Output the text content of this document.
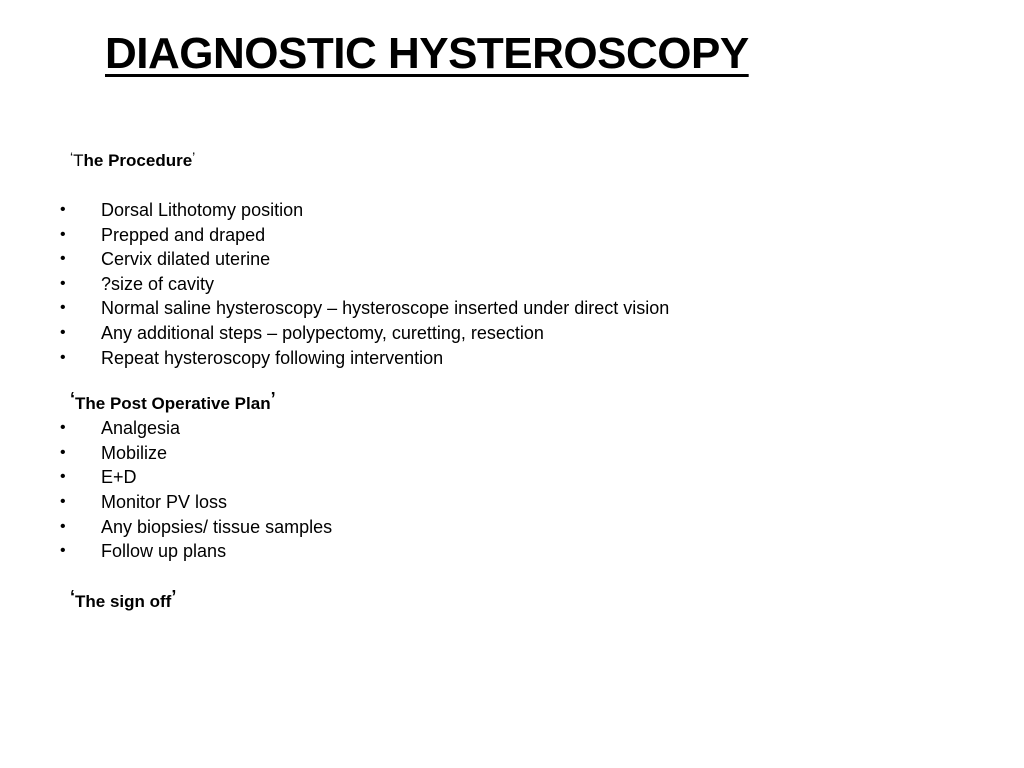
DIAGNOSTIC HYSTEROSCOPY
‘The Procedure’
• Dorsal Lithotomy position
• Prepped and draped
• Cervix dilated uterine
• ?size of cavity
• Normal saline hysteroscopy – hysteroscope inserted under direct vision
• Any additional steps – polypectomy, curetting, resection
• Repeat hysteroscopy following intervention
‘The Post Operative Plan’
• Analgesia
• Mobilize
• E+D
• Monitor PV loss
• Any biopsies/ tissue samples
• Follow up plans
‘The sign off’
